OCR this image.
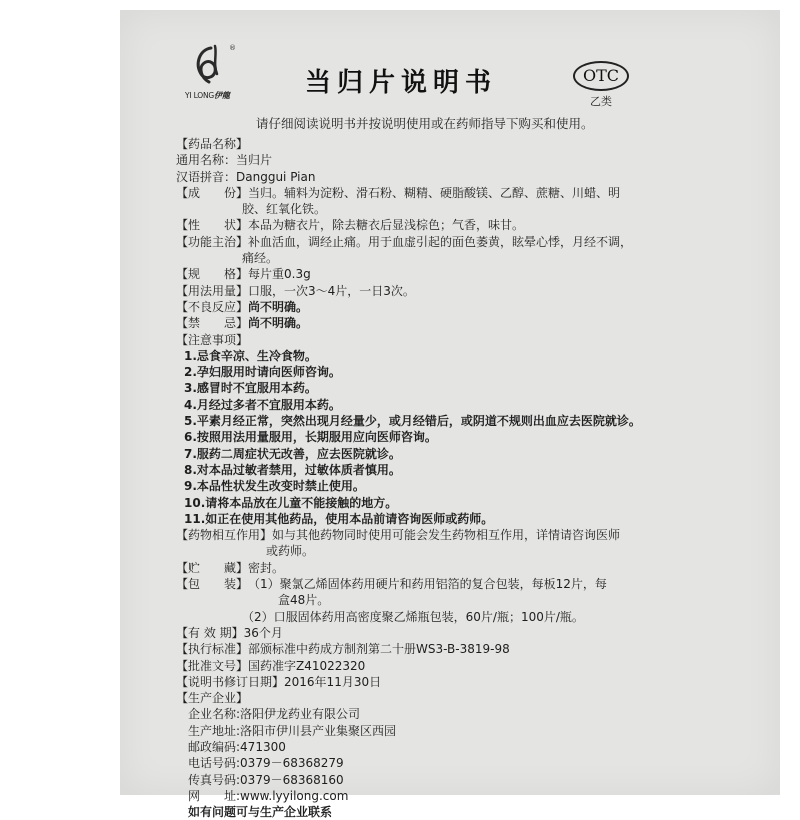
®
YI LONG伊龍	当归片说明书	OTC
乙类
请仔细阅读说明书并按说明使用或在药师指导下购买和使用。
【药品名称】
通用名称：当归片
汉语拼音：Danggui Pian
【成　　份】当归。辅料为淀粉、滑石粉、糊精、硬脂酸镁、乙醇、蔗糖、川蜡、明
胶、红氧化铁。
【性　　状】本品为糖衣片，除去糖衣后显浅棕色；气香，味甘。
【功能主治】补血活血，调经止痛。用于血虚引起的面色萎黄，眩晕心悸，月经不调，
痛经。
【规　　格】每片重0.3g
【用法用量】口服，一次3～4片，一日3次。
【不良反应】尚不明确。
【禁　　忌】尚不明确。
【注意事项】
1.忌食辛凉、生冷食物。
2.孕妇服用时请向医师咨询。
3.感冒时不宜服用本药。
4.月经过多者不宜服用本药。
5.平素月经正常，突然出现月经量少，或月经错后，或阴道不规则出血应去医院就诊。
6.按照用法用量服用，长期服用应向医师咨询。
7.服药二周症状无改善，应去医院就诊。
8.对本品过敏者禁用，过敏体质者慎用。
9.本品性状发生改变时禁止使用。
10.请将本品放在儿童不能接触的地方。
11.如正在使用其他药品，使用本品前请咨询医师或药师。
【药物相互作用】如与其他药物同时使用可能会发生药物相互作用，详情请咨询医师
或药师。
【贮　　藏】密封。
【包　　装】（1）聚氯乙烯固体药用硬片和药用铝箔的复合包装，每板12片，每
盒48片。
（2）口服固体药用高密度聚乙烯瓶包装，60片/瓶；100片/瓶。
【有 效 期】36个月
【执行标准】部颁标准中药成方制剂第二十册WS3-B-3819-98
【批准文号】国药准字Z41022320
【说明书修订日期】2016年11月30日
【生产企业】
企业名称:洛阳伊龙药业有限公司
生产地址:洛阳市伊川县产业集聚区西园
邮政编码:471300
电话号码:0379－68368279
传真号码:0379－68368160
网　　址:www.lyyilong.com
如有问题可与生产企业联系
